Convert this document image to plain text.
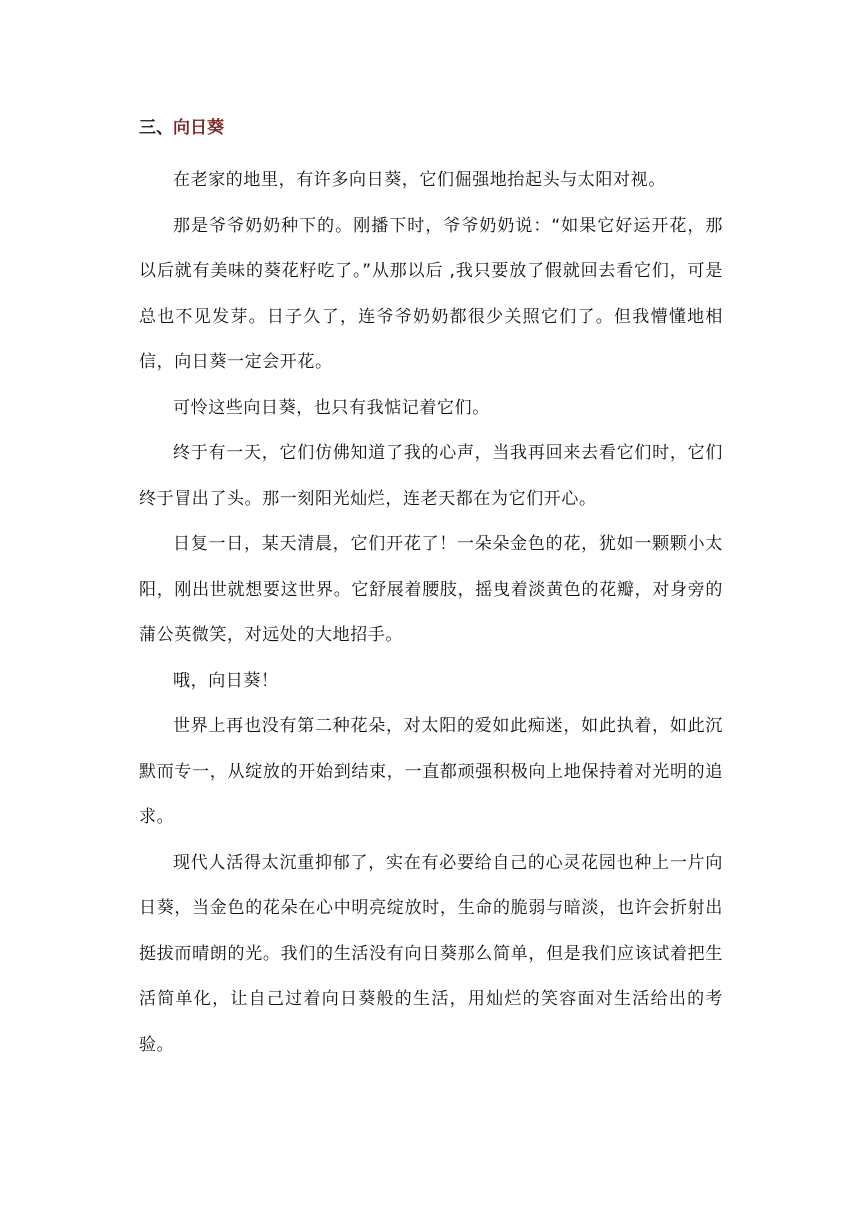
三、向日葵

在老家的地里，有许多向日葵，它们倔强地抬起头与太阳对视。

那是爷爷奶奶种下的。刚播下时，爷爷奶奶说：“如果它好运开花，那以后就有美味的葵花籽吃了。”从那以后 ,我只要放了假就回去看它们，可是总也不见发芽。日子久了，连爷爷奶奶都很少关照它们了。但我懵懂地相信，向日葵一定会开花。

可怜这些向日葵，也只有我惦记着它们。

终于有一天，它们仿佛知道了我的心声，当我再回来去看它们时，它们终于冒出了头。那一刻阳光灿烂，连老天都在为它们开心。

日复一日，某天清晨，它们开花了！一朵朵金色的花，犹如一颗颗小太阳，刚出世就想要这世界。它舒展着腰肢，摇曳着淡黄色的花瓣，对身旁的蒲公英微笑，对远处的大地招手。

哦，向日葵！

世界上再也没有第二种花朵，对太阳的爱如此痴迷，如此执着，如此沉默而专一，从绽放的开始到结束，一直都顽强积极向上地保持着对光明的追求。

现代人活得太沉重抑郁了，实在有必要给自己的心灵花园也种上一片向日葵，当金色的花朵在心中明亮绽放时，生命的脆弱与暗淡，也许会折射出挺拔而晴朗的光。我们的生活没有向日葵那么简单，但是我们应该试着把生活简单化，让自己过着向日葵般的生活，用灿烂的笑容面对生活给出的考验。
